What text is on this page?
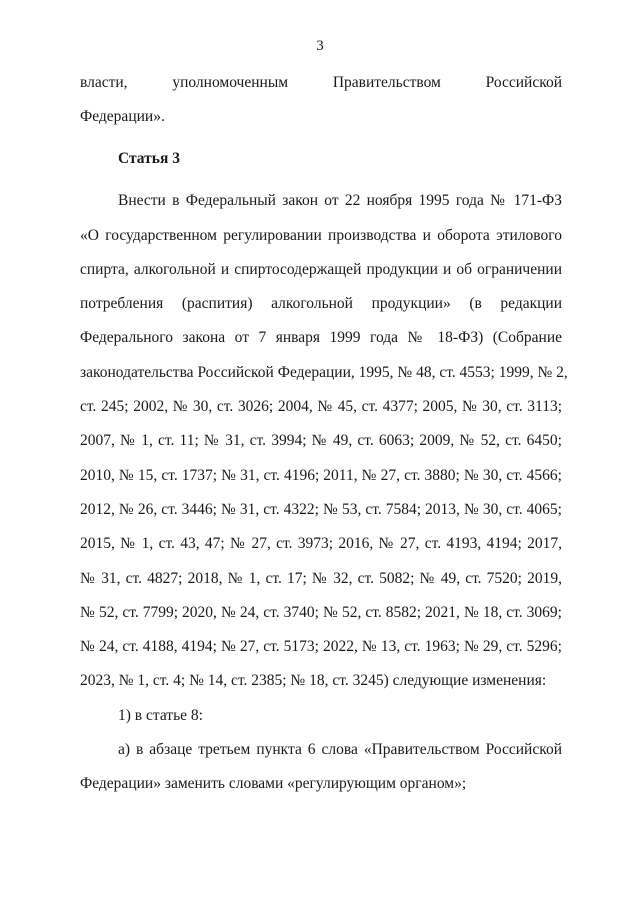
3
власти, уполномоченным Правительством Российской
Федерации».
Статья 3
Внести в Федеральный закон от 22 ноября 1995 года № 171-ФЗ
«О государственном регулировании производства и оборота этилового
спирта, алкогольной и спиртосодержащей продукции и об ограничении
потребления (распития) алкогольной продукции» (в редакции
Федерального закона от 7 января 1999 года № 18-ФЗ) (Собрание
законодательства Российской Федерации, 1995, № 48, ст. 4553; 1999, № 2,
ст. 245; 2002, № 30, ст. 3026; 2004, № 45, ст. 4377; 2005, № 30, ст. 3113;
2007, № 1, ст. 11; № 31, ст. 3994; № 49, ст. 6063; 2009, № 52, ст. 6450;
2010, № 15, ст. 1737; № 31, ст. 4196; 2011, № 27, ст. 3880; № 30, ст. 4566;
2012, № 26, ст. 3446; № 31, ст. 4322; № 53, ст. 7584; 2013, № 30, ст. 4065;
2015, № 1, ст. 43, 47; № 27, ст. 3973; 2016, № 27, ст. 4193, 4194; 2017,
№ 31, ст. 4827; 2018, № 1, ст. 17; № 32, ст. 5082; № 49, ст. 7520; 2019,
№ 52, ст. 7799; 2020, № 24, ст. 3740; № 52, ст. 8582; 2021, № 18, ст. 3069;
№ 24, ст. 4188, 4194; № 27, ст. 5173; 2022, № 13, ст. 1963; № 29, ст. 5296;
2023, № 1, ст. 4; № 14, ст. 2385; № 18, ст. 3245) следующие изменения:
1) в статье 8:
а) в абзаце третьем пункта 6 слова «Правительством Российской
Федерации» заменить словами «регулирующим органом»;
